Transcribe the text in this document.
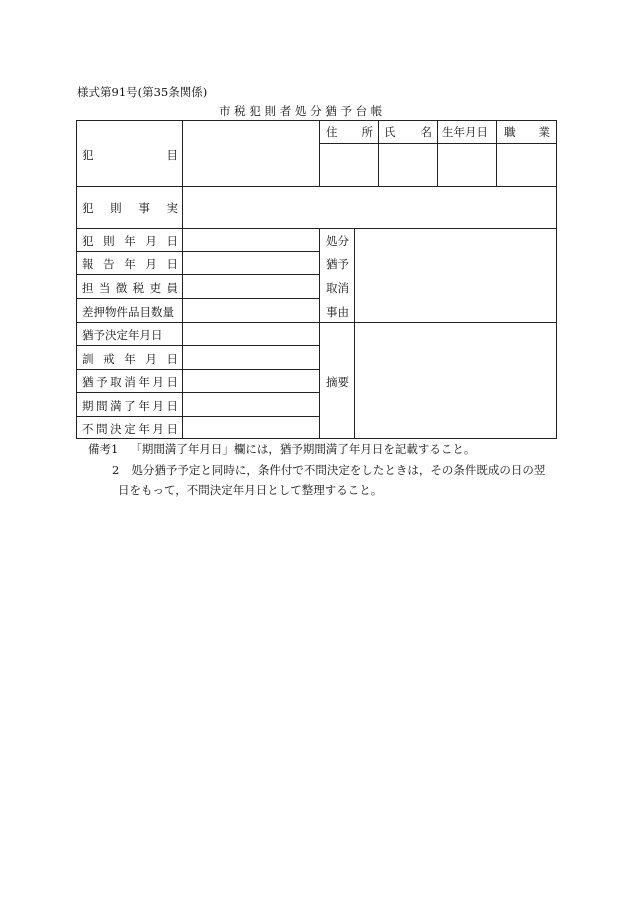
様式第91号(第35条関係)
市税犯則者処分猶予台帳
犯	目
住 所 氏 名 生年月日	職 業
犯 則 事 実
犯 則 年 月 日
報 告 年 月 日
担 当 徴 税 吏 員
差押物件品目数量
処分
猶予
取消
事由
猶予決定年月日
訓 戒 年 月 日
猶 予 取 消 年 月 日
期 間 満 了 年 月 日
不 問 決 定 年 月 日
摘要
備考1 「期間満了年月日」欄には，猶予期間満了年月日を記載すること。
2 処分猶予予定と同時に，条件付で不問決定をしたときは，その条件既成の日の翌
日をもって，不問決定年月日として整理すること。
